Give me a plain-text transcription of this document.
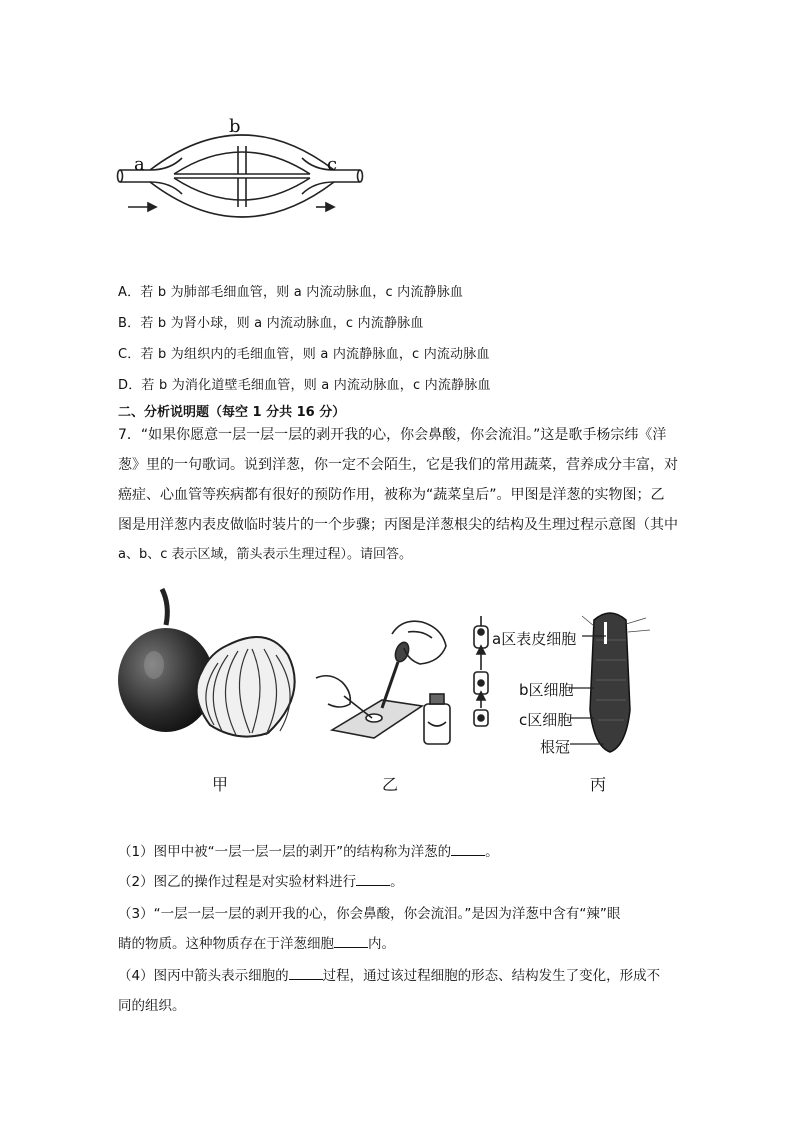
a
b
c
A．若 b 为肺部毛细血管，则 a 内流动脉血，c 内流静脉血
B．若 b 为肾小球，则 a 内流动脉血，c 内流静脉血
C．若 b 为组织内的毛细血管，则 a 内流静脉血，c 内流动脉血
D．若 b 为消化道壁毛细血管，则 a 内流动脉血，c 内流静脉血
二、分析说明题（每空 1 分共 16 分）
7．“如果你愿意一层一层一层的剥开我的心，你会鼻酸，你会流泪。”这是歌手杨宗纬《洋
葱》里的一句歌词。说到洋葱，你一定不会陌生，它是我们的常用蔬菜，营养成分丰富，对
癌症、心血管等疾病都有很好的预防作用，被称为“蔬菜皇后”。甲图是洋葱的实物图；乙
图是用洋葱内表皮做临时装片的一个步骤；丙图是洋葱根尖的结构及生理过程示意图（其中
a、b、c 表示区域，箭头表示生理过程）。请回答。
甲	乙
a区表皮细胞
b区细胞
c区细胞
根冠
丙
（1）图甲中被“一层一层一层的剥开”的结构称为洋葱的	。
（2）图乙的操作过程是对实验材料进行	。
（3）“一层一层一层的剥开我的心，你会鼻酸，你会流泪。”是因为洋葱中含有“辣”眼
睛的物质。这种物质存在于洋葱细胞	内。
（4）图丙中箭头表示细胞的	过程，通过该过程细胞的形态、结构发生了变化，形成不
同的组织。
